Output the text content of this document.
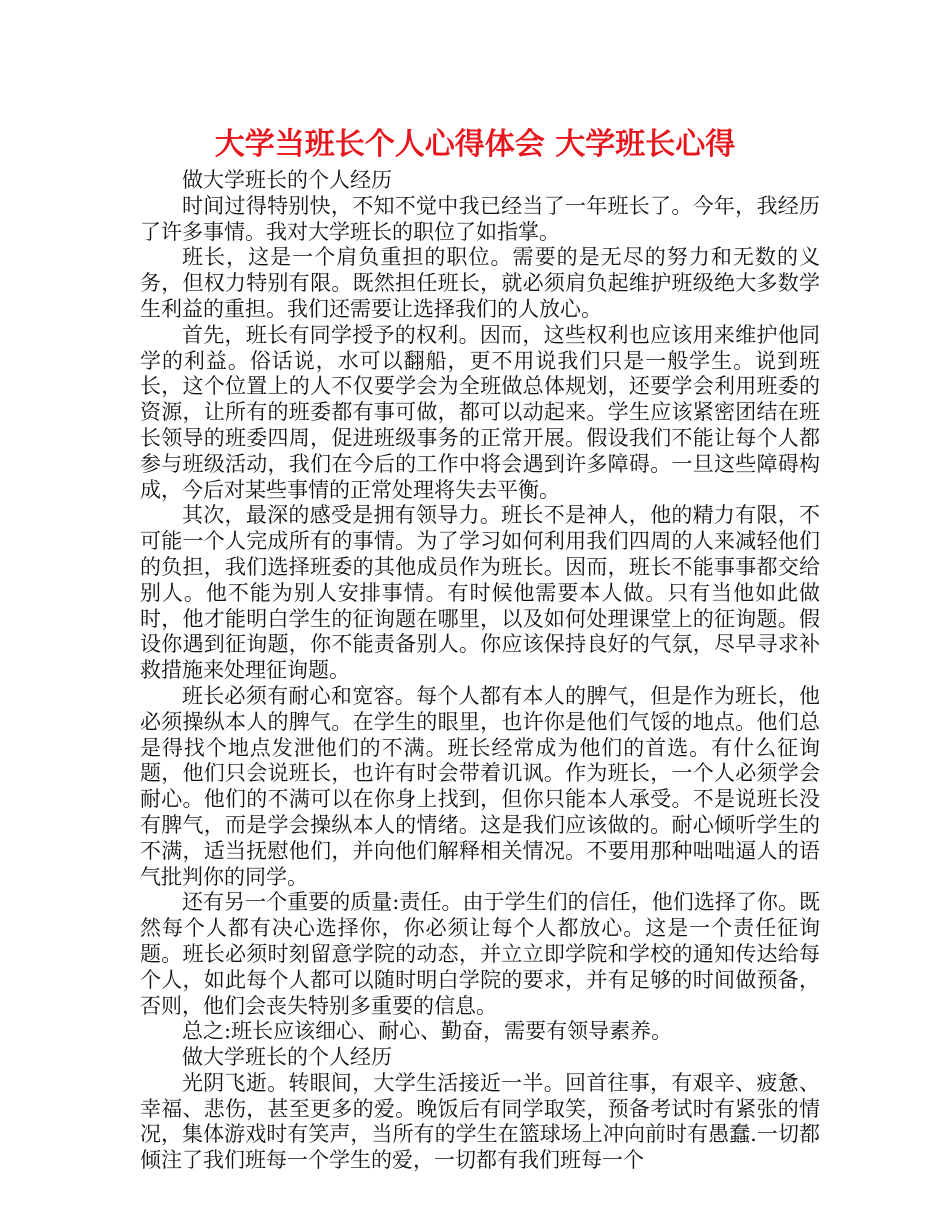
大学当班长个人心得体会 大学班长心得

做大学班长的个人经历

时间过得特别快，不知不觉中我已经当了一年班长了。今年，我经历了许多事情。我对大学班长的职位了如指掌。

班长，这是一个肩负重担的职位。需要的是无尽的努力和无数的义务，但权力特别有限。既然担任班长，就必须肩负起维护班级绝大多数学生利益的重担。我们还需要让选择我们的人放心。

首先，班长有同学授予的权利。因而，这些权利也应该用来维护他同学的利益。俗话说，水可以翻船，更不用说我们只是一般学生。说到班长，这个位置上的人不仅要学会为全班做总体规划，还要学会利用班委的资源，让所有的班委都有事可做，都可以动起来。学生应该紧密团结在班长领导的班委四周，促进班级事务的正常开展。假设我们不能让每个人都参与班级活动，我们在今后的工作中将会遇到许多障碍。一旦这些障碍构成，今后对某些事情的正常处理将失去平衡。

其次，最深的感受是拥有领导力。班长不是神人，他的精力有限，不可能一个人完成所有的事情。为了学习如何利用我们四周的人来减轻他们的负担，我们选择班委的其他成员作为班长。因而，班长不能事事都交给别人。他不能为别人安排事情。有时候他需要本人做。只有当他如此做时，他才能明白学生的征询题在哪里，以及如何处理课堂上的征询题。假设你遇到征询题，你不能责备别人。你应该保持良好的气氛，尽早寻求补救措施来处理征询题。

班长必须有耐心和宽容。每个人都有本人的脾气，但是作为班长，他必须操纵本人的脾气。在学生的眼里，也许你是他们气馁的地点。他们总是得找个地点发泄他们的不满。班长经常成为他们的首选。有什么征询题，他们只会说班长，也许有时会带着讥讽。作为班长，一个人必须学会耐心。他们的不满可以在你身上找到，但你只能本人承受。不是说班长没有脾气，而是学会操纵本人的情绪。这是我们应该做的。耐心倾听学生的不满，适当抚慰他们，并向他们解释相关情况。不要用那种咄咄逼人的语气批判你的同学。

还有另一个重要的质量:责任。由于学生们的信任，他们选择了你。既然每个人都有决心选择你，你必须让每个人都放心。这是一个责任征询题。班长必须时刻留意学院的动态，并立立即学院和学校的通知传达给每个人，如此每个人都可以随时明白学院的要求，并有足够的时间做预备，否则，他们会丧失特别多重要的信息。

总之:班长应该细心、耐心、勤奋，需要有领导素养。

做大学班长的个人经历

光阴飞逝。转眼间，大学生活接近一半。回首往事，有艰辛、疲惫、幸福、悲伤，甚至更多的爱。晚饭后有同学取笑，预备考试时有紧张的情况，集体游戏时有笑声，当所有的学生在篮球场上冲向前时有愚蠢.一切都倾注了我们班每一个学生的爱，一切都有我们班每一个
